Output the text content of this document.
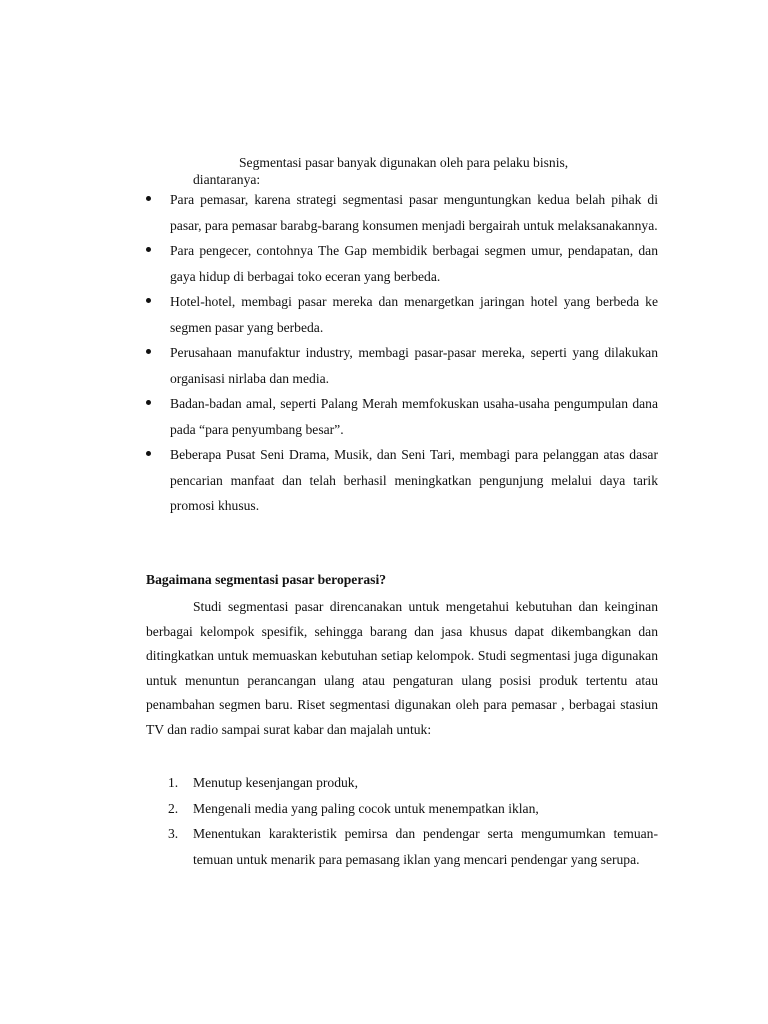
Segmentasi pasar banyak digunakan oleh para pelaku bisnis,

diantaranya:

Para pemasar, karena strategi segmentasi pasar menguntungkan kedua belah pihak di pasar, para pemasar barabg-barang konsumen menjadi bergairah untuk melaksanakannya.
Para pengecer, contohnya The Gap membidik berbagai segmen umur, pendapatan, dan gaya hidup di berbagai toko eceran yang berbeda.
Hotel-hotel, membagi pasar mereka dan menargetkan jaringan hotel yang berbeda ke segmen pasar yang berbeda.
Perusahaan manufaktur industry, membagi pasar-pasar mereka, seperti yang dilakukan organisasi nirlaba dan media.
Badan-badan amal, seperti Palang Merah memfokuskan usaha-usaha pengumpulan dana pada “para penyumbang besar”.
Beberapa Pusat Seni Drama, Musik, dan Seni Tari, membagi para pelanggan atas dasar pencarian manfaat dan telah berhasil meningkatkan pengunjung melalui daya tarik promosi khusus.
Bagaimana segmentasi pasar beroperasi?

Studi segmentasi pasar direncanakan untuk mengetahui kebutuhan dan keinginan berbagai kelompok spesifik, sehingga barang dan jasa khusus dapat dikembangkan dan ditingkatkan untuk memuaskan kebutuhan setiap kelompok. Studi segmentasi juga digunakan untuk menuntun perancangan ulang atau pengaturan ulang posisi produk tertentu atau penambahan segmen baru. Riset segmentasi digunakan oleh para pemasar , berbagai stasiun TV dan radio sampai surat kabar dan majalah untuk:

1. Menutup kesenjangan produk,
2. Mengenali media yang paling cocok untuk menempatkan iklan,
3. Menentukan karakteristik pemirsa dan pendengar serta mengumumkan temuan-temuan untuk menarik para pemasang iklan yang mencari pendengar yang serupa.
